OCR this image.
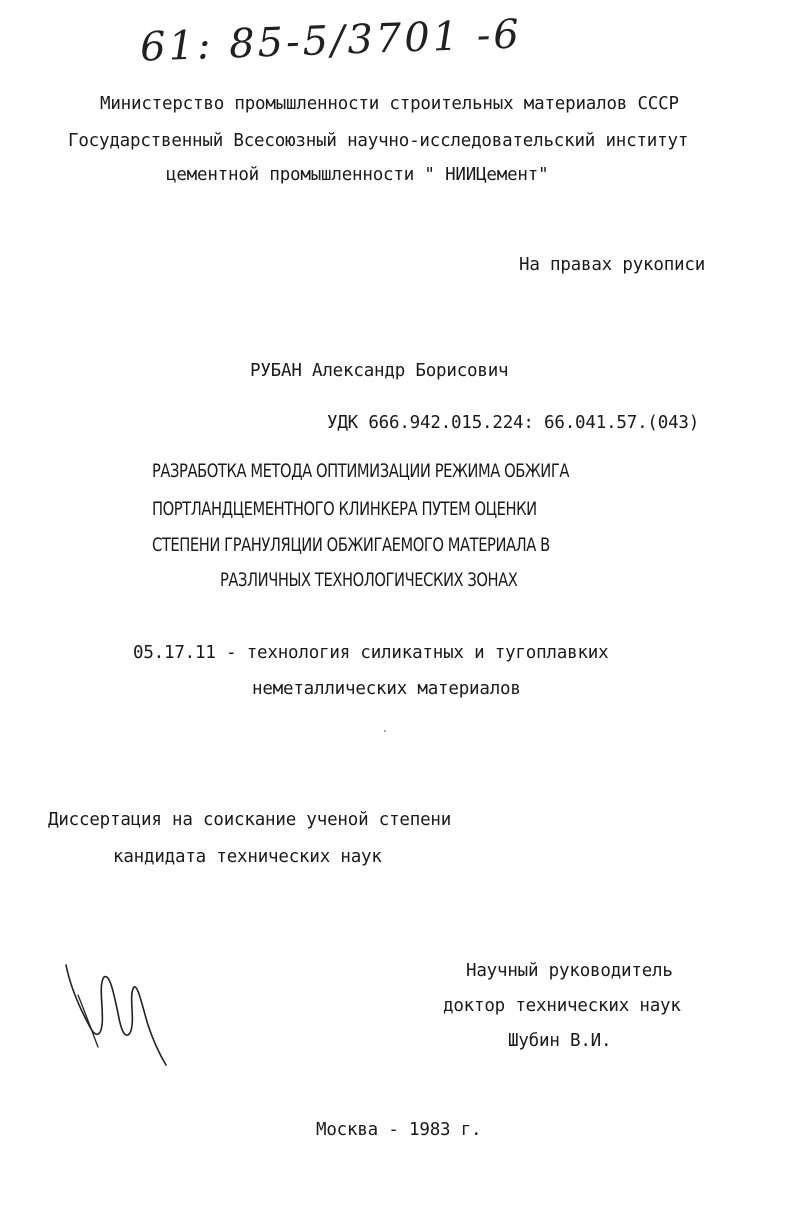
61: 85-5/3701 -6
Министерство промышленности строительных материалов СССР
Государственный Всесоюзный научно-исследовательский институт
цементной промышленности " НИИЦемент"
На правах рукописи
РУБАН Александр Борисович
УДК 666.942.015.224: 66.041.57.(043)
РАЗРАБОТКА МЕТОДА ОПТИМИЗАЦИИ РЕЖИМА ОБЖИГА
ПОРТЛАНДЦЕМЕНТНОГО КЛИНКЕРА ПУТЕМ ОЦЕНКИ
СТЕПЕНИ ГРАНУЛЯЦИИ ОБЖИГАЕМОГО МАТЕРИАЛА В
РАЗЛИЧНЫХ ТЕХНОЛОГИЧЕСКИХ ЗОНАХ
05.17.11 - технология силикатных и тугоплавких
неметаллических материалов
Диссертация на соискание ученой степени
кандидата технических наук
Научный руководитель
доктор технических наук
Шубин В.И.
Москва - 1983 г.
